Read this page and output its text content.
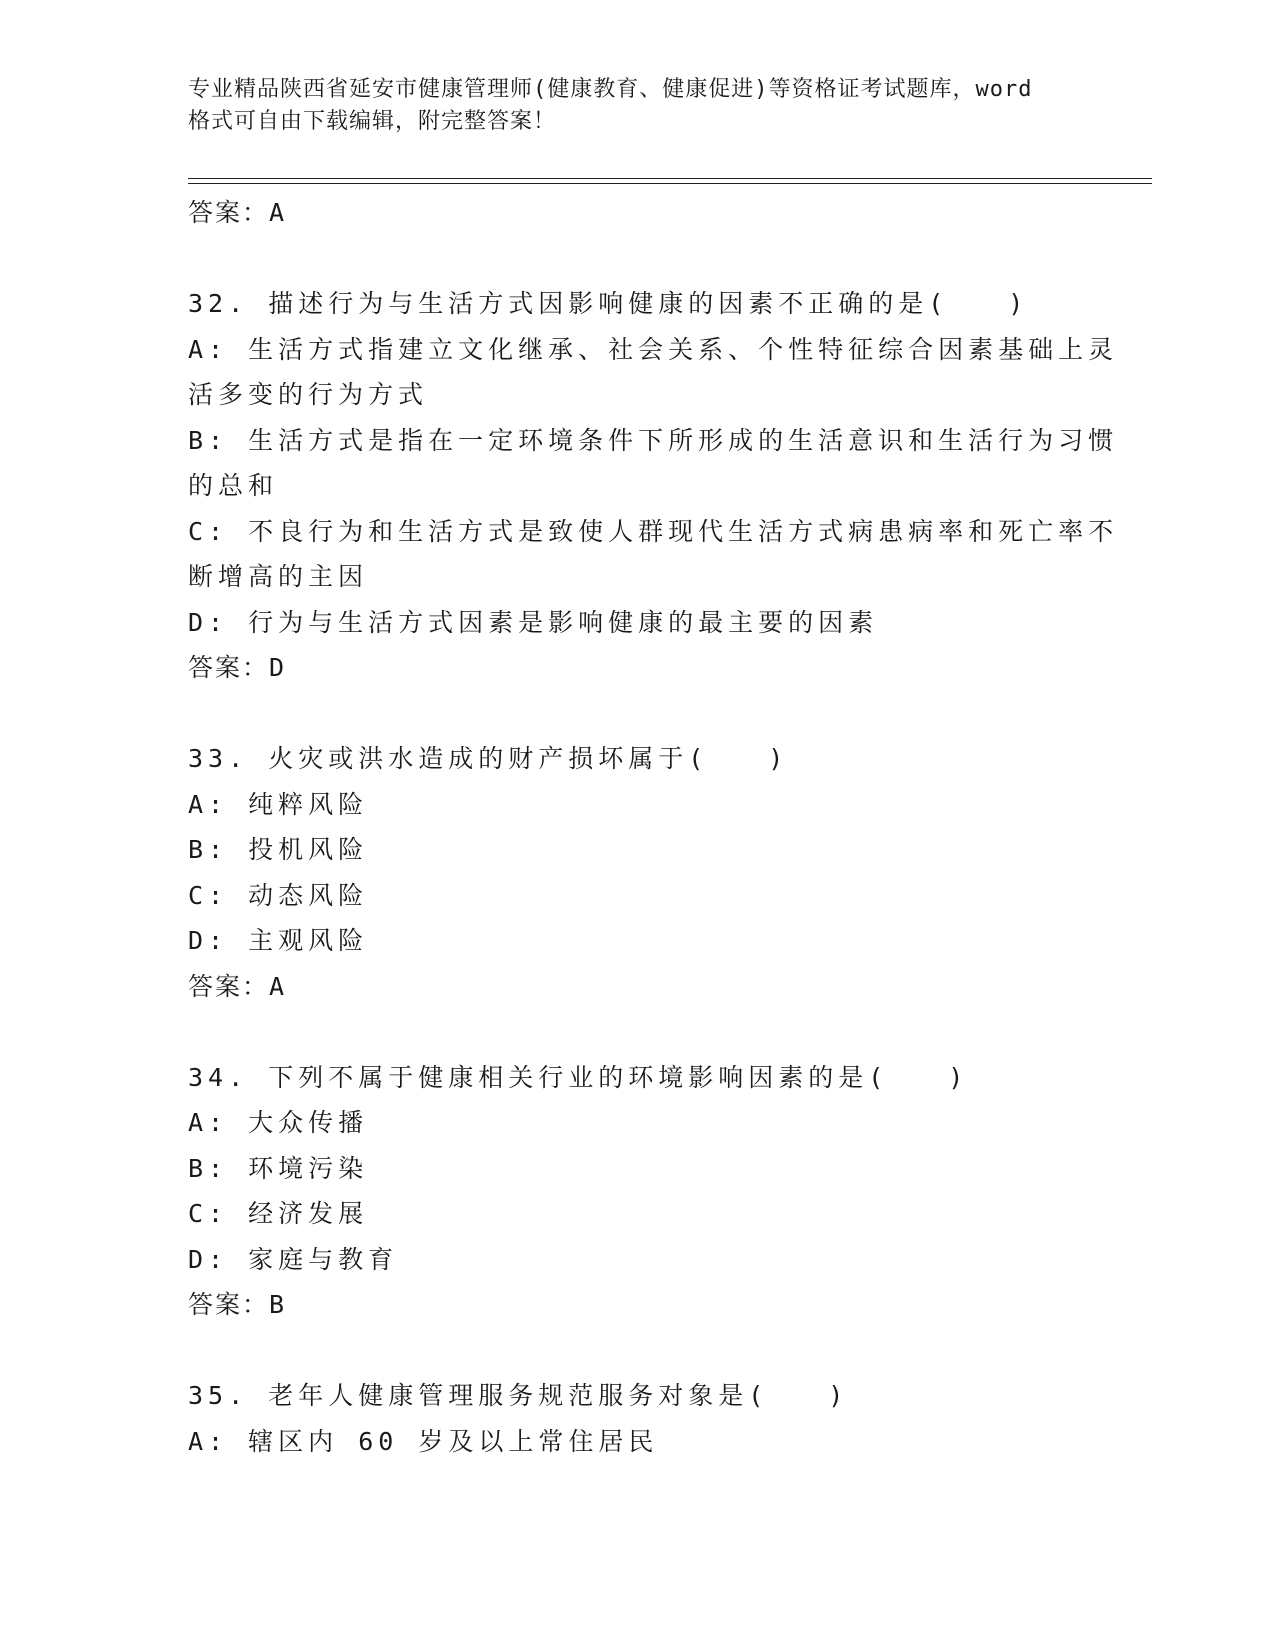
专业精品陕西省延安市健康管理师(健康教育、健康促进)等资格证考试题库，word
格式可自由下载编辑，附完整答案！
答案：A
32. 描述行为与生活方式因影响健康的因素不正确的是(　　)
A: 生活方式指建立文化继承、社会关系、个性特征综合因素基础上灵
活多变的行为方式
B: 生活方式是指在一定环境条件下所形成的生活意识和生活行为习惯
的总和
C: 不良行为和生活方式是致使人群现代生活方式病患病率和死亡率不
断增高的主因
D: 行为与生活方式因素是影响健康的最主要的因素
答案：D
33. 火灾或洪水造成的财产损坏属于(　　)
A: 纯粹风险
B: 投机风险
C: 动态风险
D: 主观风险
答案：A
34. 下列不属于健康相关行业的环境影响因素的是(　　)
A: 大众传播
B: 环境污染
C: 经济发展
D: 家庭与教育
答案：B
35. 老年人健康管理服务规范服务对象是(　　)
A: 辖区内 60 岁及以上常住居民
